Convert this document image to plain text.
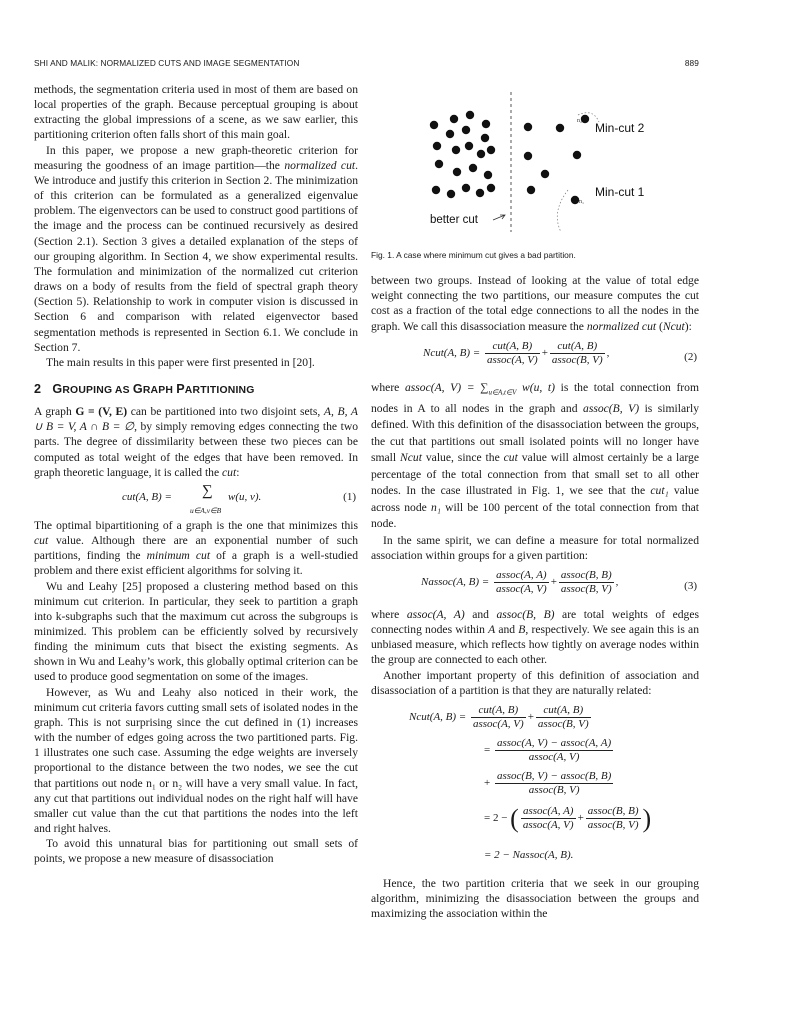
SHI AND MALIK: NORMALIZED CUTS AND IMAGE SEGMENTATION	889

methods, the segmentation criteria used in most of them are based on local properties of the graph. Because perceptual grouping is about extracting the global impressions of a scene, as we saw earlier, this partitioning criterion often falls short of this main goal.

In this paper, we propose a new graph-theoretic criterion for measuring the goodness of an image partition—the normalized cut. We introduce and justify this criterion in Section 2. The minimization of this criterion can be formulated as a generalized eigenvalue problem. The eigenvectors can be used to construct good partitions of the image and the process can be continued recursively as desired (Section 2.1). Section 3 gives a detailed explanation of the steps of our grouping algorithm. In Section 4, we show experimental results. The formulation and minimization of the normalized cut criterion draws on a body of results from the field of spectral graph theory (Section 5). Relationship to work in computer vision is discussed in Section 6 and comparison with related eigenvector based segmentation methods is represented in Section 6.1. We conclude in Section 7.

The main results in this paper were first presented in [20].

2 GROUPING AS GRAPH PARTITIONING

A graph G = (V, E) can be partitioned into two disjoint sets, A, B, A ∪ B = V, A ∩ B = ∅, by simply removing edges connecting the two parts. The degree of dissimilarity between these two pieces can be computed as total weight of the edges that have been removed. In graph theoretic language, it is called the cut:

cut(A, B) = ∑
u∈A,v∈B
w(u, v).	(1)

The optimal bipartitioning of a graph is the one that minimizes this cut value. Although there are an exponential number of such partitions, finding the minimum cut of a graph is a well-studied problem and there exist efficient algorithms for solving it.

Wu and Leahy [25] proposed a clustering method based on this minimum cut criterion. In particular, they seek to partition a graph into k-subgraphs such that the maximum cut across the subgroups is minimized. This problem can be efficiently solved by recursively finding the minimum cuts that bisect the existing segments. As shown in Wu and Leahy’s work, this globally optimal criterion can be used to produce good segmentation on some of the images.

However, as Wu and Leahy also noticed in their work, the minimum cut criteria favors cutting small sets of isolated nodes in the graph. This is not surprising since the cut defined in (1) increases with the number of edges going across the two partitioned parts. Fig. 1 illustrates one such case. Assuming the edge weights are inversely proportional to the distance between the two nodes, we see the cut that partitions out node n₁ or n₂ will have a very small value. In fact, any cut that partitions out individual nodes on the right half will have smaller cut value than the cut that partitions the nodes into the left and right halves.

To avoid this unnatural bias for partitioning out small sets of points, we propose a new measure of disassociation

Min-cut 2
Min-cut 1
better cut
n₂
n₁

Fig. 1. A case where minimum cut gives a bad partition.

between two groups. Instead of looking at the value of total edge weight connecting the two partitions, our measure computes the cut cost as a fraction of the total edge connections to all the nodes in the graph. We call this disassociation measure the normalized cut (Ncut):

Ncut(A, $B) = \frac{\text{cut(A, B)}}{\text{assoc(A, V)}} + \frac{\text{cut(A, B)}}{\text{assoc(B, V)}}$ ,	(2)

where assoc(A, $V) = \sum_{u\in A,t\in V}$ w(u, t) is the total connection from nodes in A to all nodes in the graph and assoc(B, V) is similarly defined. With this definition of the disassociation between the groups, the cut that partitions out small isolated points will no longer have small Ncut value, since the cut value will almost certainly be a large percentage of the total connection from that small set to all other nodes. In the case illustrated in Fig. 1, we see that the cut₁ value across node n₁ will be 100 percent of the total connection from that node.

In the same spirit, we can define a measure for total normalized association within groups for a given partition:

Nassoc(A, $B) = \frac{\text{assoc(A, A)}}{\text{assoc(A, V)}} + \frac{\text{assoc(B, B)}}{\text{assoc(B, V)}}$ ,	(3)

where assoc(A, A) and assoc(B, B) are total weights of edges connecting nodes within A and B, respectively. We see again this is an unbiased measure, which reflects how tightly on average nodes within the group are connected to each other.

Another important property of this definition of association and disassociation of a partition is that they are naturally related:

Ncut(A, $B) = \frac{\text{cut(A, B)}}{\text{assoc(A, V)}} + \frac{\text{cut(A, B)}}{\text{assoc(B, V)}}$
= $\frac{\text{assoc(A, V) − assoc(A, A)}}{\text{assoc(A, V)}}$
+ $\frac{\text{assoc(B, V) − assoc(B, B)}}{\text{assoc(B, V)}}$
= 2 − ( $\frac{\text{assoc(A, A)}}{\text{assoc(A, V)}} + \frac{\text{assoc(B, B)}}{\text{assoc(B, V)}}$ )
= 2 − Nassoc(A, B).

Hence, the two partition criteria that we seek in our grouping algorithm, minimizing the disassociation between the groups and maximizing the association within the
